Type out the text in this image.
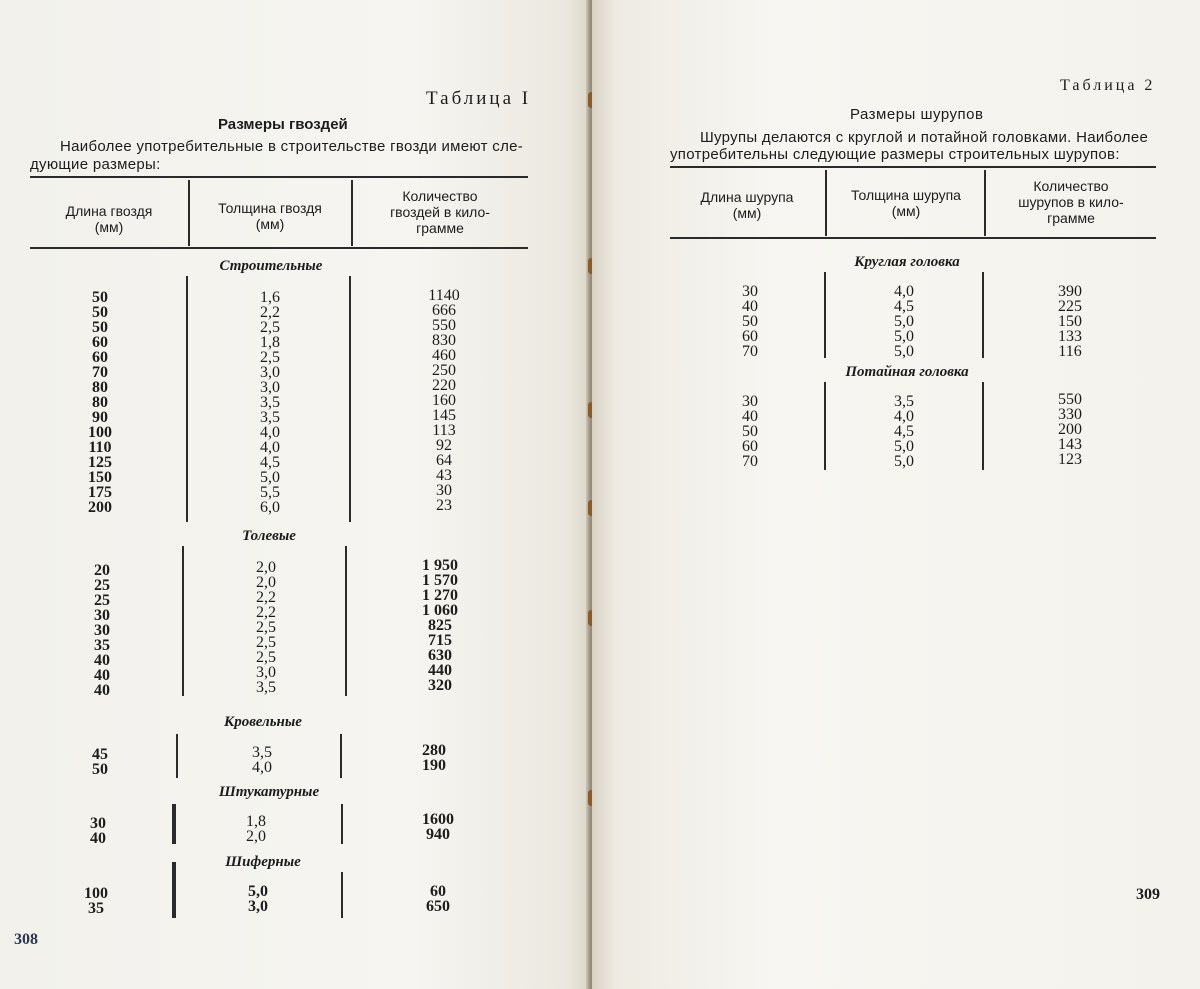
Таблица I
Размеры гвоздей
Наиболее употребительные в строительстве гвозди имеют сле-
дующие размеры:
Длина гвоздя
(мм)
Толщина гвоздя
(мм)
Количество
гвоздей в кило-
грамме
Строительные
50
50
50
60
60
70
80
80
90
100
110
125
150
175
200
1,6
2,2
2,5
1,8
2,5
3,0
3,0
3,5
3,5
4,0
4,0
4,5
5,0
5,5
6,0
1140
666
550
830
460
250
220
160
145
113
92
64
43
30
23
Толевые
20
25
25
30
30
35
40
40
40
2,0
2,0
2,2
2,2
2,5
2,5
2,5
3,0
3,5
1 950
1 570
1 270
1 060
825
715
630
440
320
Кровельные
45
50
3,5
4,0
280
190
Штукатурные
30
40
1,8
2,0
1600
940
Шиферные
100
35
5,0
3,0
60
650
308
Таблица 2
Размеры шурупов
Шурупы делаются с круглой и потайной головками. Наиболее
употребительны следующие размеры строительных шурупов:
Длина шурупа
(мм)
Толщина шурупа
(мм)
Количество
шурупов в кило-
грамме
Круглая головка
30
40
50
60
70
4,0
4,5
5,0
5,0
5,0
390
225
150
133
116
Потайная головка
30
40
50
60
70
3,5
4,0
4,5
5,0
5,0
550
330
200
143
123
309
